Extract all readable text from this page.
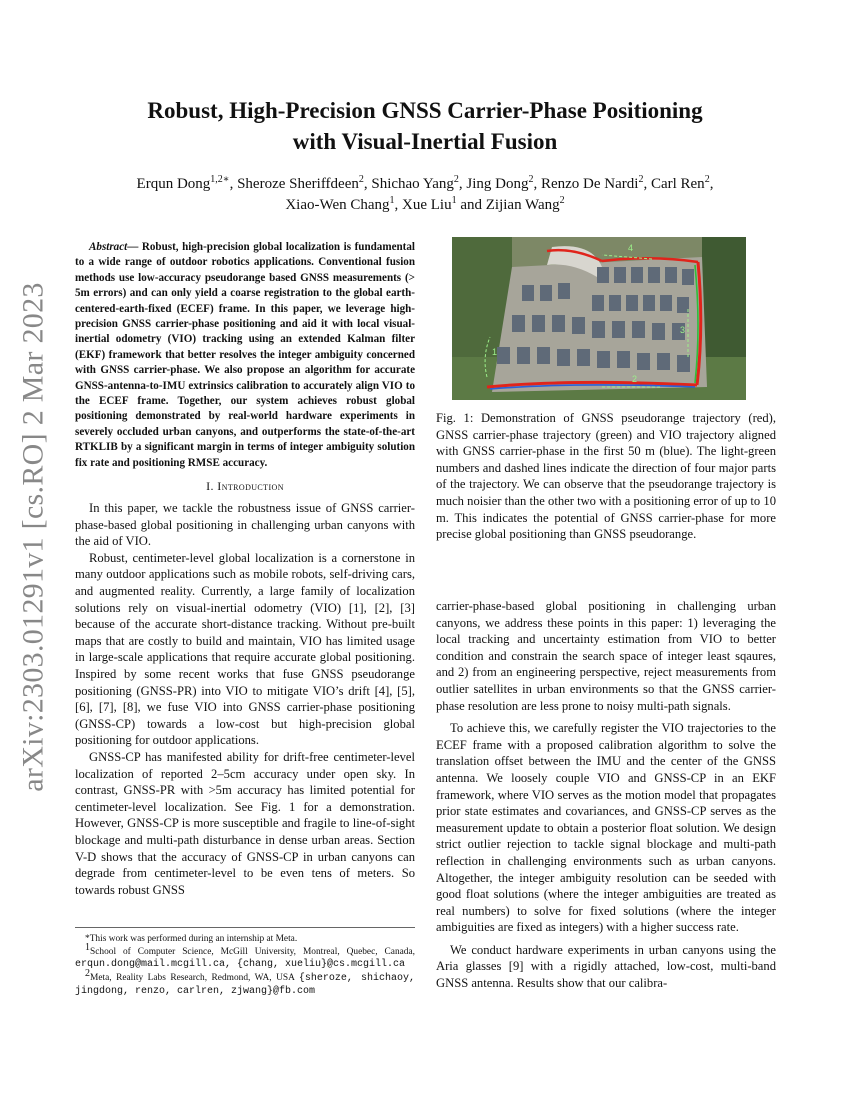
arXiv:2303.01291v1 [cs.RO] 2 Mar 2023
Robust, High-Precision GNSS Carrier-Phase Positioning
with Visual-Inertial Fusion
Erqun Dong$^{1,2∗}$, Sheroze Sheriffdeen$^2$, Shichao Yang$^2$, Jing Dong$^2$, Renzo De Nardi$^2$, Carl Ren$^2$,
Xiao-Wen Chang$^1$, Xue Liu$^1$ and Zijian Wang$^2$

Abstract— Robust, high-precision global localization is fundamental to a wide range of outdoor robotics applications. Conventional fusion methods use low-accuracy pseudorange based GNSS measurements (> 5m errors) and can only yield a coarse registration to the global earth-centered-earth-fixed (ECEF) frame. In this paper, we leverage high-precision GNSS carrier-phase positioning and aid it with local visual-inertial odometry (VIO) tracking using an extended Kalman filter (EKF) framework that better resolves the integer ambiguity concerned with GNSS carrier-phase. We also propose an algorithm for accurate GNSS-antenna-to-IMU extrinsics calibration to accurately align VIO to the ECEF frame. Together, our system achieves robust global positioning demonstrated by real-world hardware experiments in severely occluded urban canyons, and outperforms the state-of-the-art RTKLIB by a significant margin in terms of integer ambiguity solution fix rate and positioning RMSE accuracy.

I. Introduction

In this paper, we tackle the robustness issue of GNSS carrier-phase-based global positioning in challenging urban canyons with the aid of VIO.

Robust, centimeter-level global localization is a cornerstone in many outdoor applications such as mobile robots, self-driving cars, and augmented reality. Currently, a large family of localization solutions rely on visual-inertial odometry (VIO) [1], [2], [3] because of the accurate short-distance tracking. Without pre-built maps that are costly to build and maintain, VIO has limited usage in large-scale applications that require accurate global positioning. Inspired by some recent works that fuse GNSS pseudorange positioning (GNSS-PR) into VIO to mitigate VIO’s drift [4], [5], [6], [7], [8], we fuse VIO into GNSS carrier-phase positioning (GNSS-CP) towards a low-cost but high-precision global positioning for outdoor applications.

GNSS-CP has manifested ability for drift-free centimeter-level localization of reported 2–5cm accuracy under open sky. In contrast, GNSS-PR with >5m accuracy has limited potential for centimeter-level localization. See Fig. 1 for a demonstration. However, GNSS-CP is more susceptible and fragile to line-of-sight blockage and multi-path disturbance in dense urban areas. Section V-D shows that the accuracy of GNSS-CP in urban canyons can degrade from centimeter-level to be even tens of meters. So towards robust GNSS

*This work was performed during an internship at Meta.

$^1$School of Computer Science, McGill University, Montreal, Quebec, Canada, erqun.dong@mail.mcgill.ca, {chang, xueliu}@cs.mcgill.ca

$^2$Meta, Reality Labs Research, Redmond, WA, USA {sheroze, shichaoy, jingdong, renzo, carlren, zjwang}@fb.com

1
2
3
4

Fig. 1: Demonstration of GNSS pseudorange trajectory (red), GNSS carrier-phase trajectory (green) and VIO trajectory aligned with GNSS carrier-phase in the first 50 m (blue). The light-green numbers and dashed lines indicate the direction of four major parts of the trajectory. We can observe that the pseudorange trajectory is much noisier than the other two with a positioning error of up to 10 m. This indicates the potential of GNSS carrier-phase for more precise global positioning than GNSS pseudorange.

carrier-phase-based global positioning in challenging urban canyons, we address these points in this paper: 1) leveraging the local tracking and uncertainty estimation from VIO to better condition and constrain the search space of integer least sqaures, and 2) from an engineering perspective, reject measurements from outlier satellites in urban environments so that the GNSS carrier-phase resolution are less prone to noisy multi-path signals.

To achieve this, we carefully register the VIO trajectories to the ECEF frame with a proposed calibration algorithm to solve the translation offset between the IMU and the center of the GNSS antenna. We loosely couple VIO and GNSS-CP in an EKF framework, where VIO serves as the motion model that propagates prior state estimates and covariances, and GNSS-CP serves as the measurement update to obtain a posterior float solution. We design strict outlier rejection to tackle signal blockage and multi-path reflection in challenging environments such as urban canyons. Altogether, the integer ambiguity resolution can be seeded with good float solutions (where the integer ambiguities are treated as real numbers) to solve for fixed solutions (where the integer ambiguities are fixed as integers) with a higher success rate.

We conduct hardware experiments in urban canyons using the Aria glasses [9] with a rigidly attached, low-cost, multi-band GNSS antenna. Results show that our calibra-
